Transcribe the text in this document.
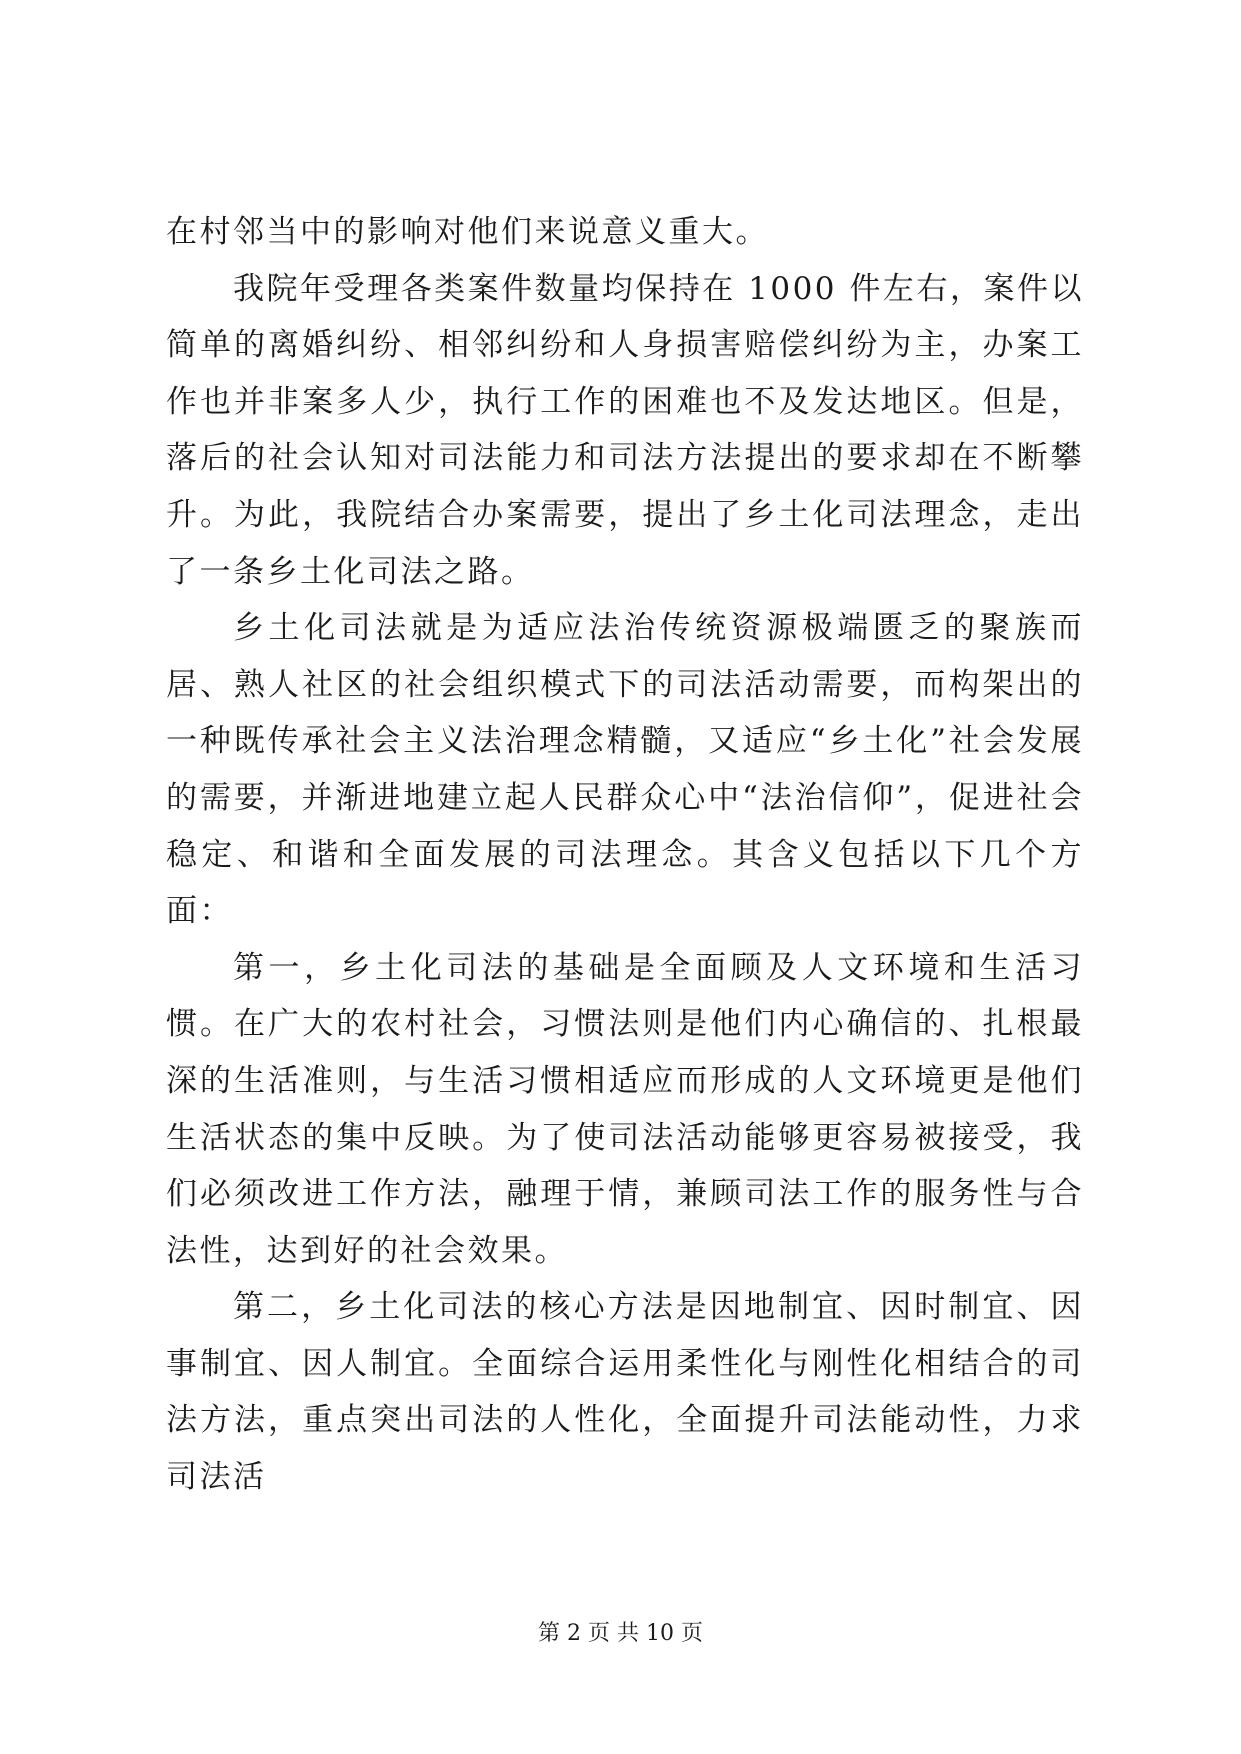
在村邻当中的影响对他们来说意义重大。

我院年受理各类案件数量均保持在 1000 件左右，案件以简单的离婚纠纷、相邻纠纷和人身损害赔偿纠纷为主，办案工作也并非案多人少，执行工作的困难也不及发达地区。但是，落后的社会认知对司法能力和司法方法提出的要求却在不断攀升。为此，我院结合办案需要，提出了乡土化司法理念，走出了一条乡土化司法之路。

乡土化司法就是为适应法治传统资源极端匮乏的聚族而居、熟人社区的社会组织模式下的司法活动需要，而构架出的一种既传承社会主义法治理念精髓，又适应“乡土化”社会发展的需要，并渐进地建立起人民群众心中“法治信仰”，促进社会稳定、和谐和全面发展的司法理念。其含义包括以下几个方面：

第一，乡土化司法的基础是全面顾及人文环境和生活习惯。在广大的农村社会，习惯法则是他们内心确信的、扎根最深的生活准则，与生活习惯相适应而形成的人文环境更是他们生活状态的集中反映。为了使司法活动能够更容易被接受，我们必须改进工作方法，融理于情，兼顾司法工作的服务性与合法性，达到好的社会效果。

第二，乡土化司法的核心方法是因地制宜、因时制宜、因事制宜、因人制宜。全面综合运用柔性化与刚性化相结合的司法方法，重点突出司法的人性化，全面提升司法能动性，力求司法活

第 2 页 共 10 页
